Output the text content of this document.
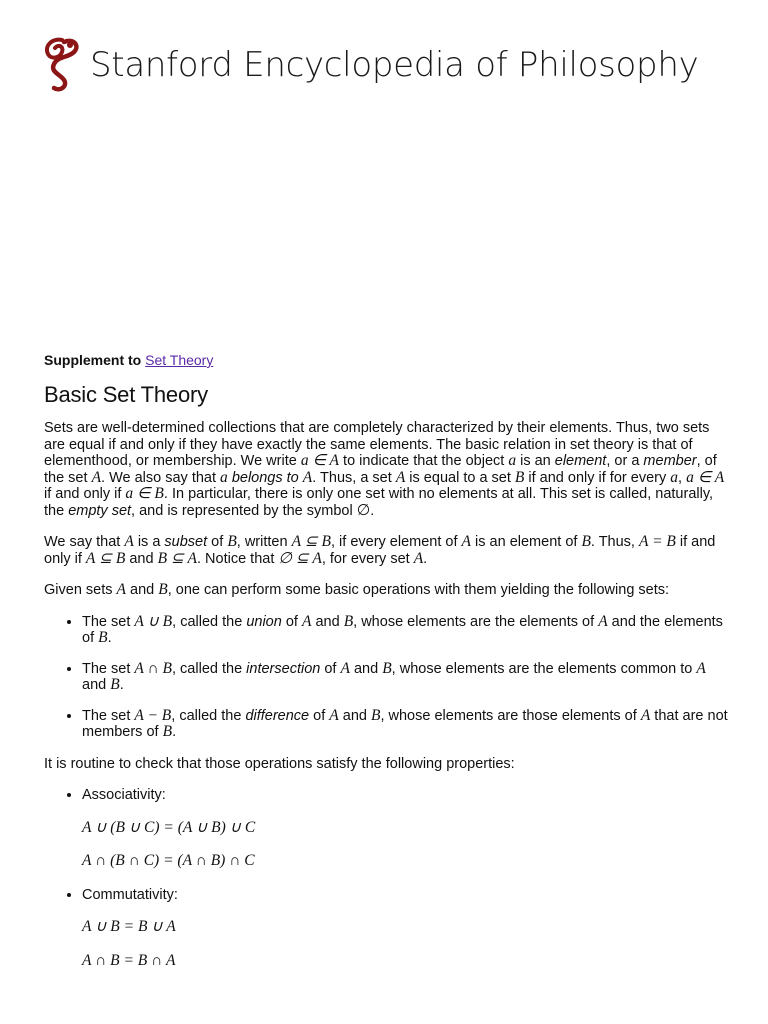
Stanford Encyclopedia of Philosophy
Supplement to Set Theory
Basic Set Theory

Sets are well-determined collections that are completely characterized by their elements. Thus, two sets are equal if and only if they have exactly the same elements. The basic relation in set theory is that of elementhood, or membership. We write a ∈ A to indicate that the object a is an element, or a member, of the set A. We also say that a belongs to A. Thus, a set A is equal to a set B if and only if for every a, a ∈ A if and only if a ∈ B. In particular, there is only one set with no elements at all. This set is called, naturally, the empty set, and is represented by the symbol ∅.

We say that A is a subset of B, written A ⊆ B, if every element of A is an element of B. Thus, A = B if and only if A ⊆ B and B ⊆ A. Notice that ∅ ⊆ A, for every set A.

Given sets A and B, one can perform some basic operations with them yielding the following sets:

• The set A ∪ B, called the union of A and B, whose elements are the elements of A and the elements of B.
• The set A ∩ B, called the intersection of A and B, whose elements are the elements common to A and B.
• The set A − B, called the difference of A and B, whose elements are those elements of A that are not members of B.

It is routine to check that those operations satisfy the following properties:

• Associativity:
A ∪ (B ∪ C) = (A ∪ B) ∪ C
A ∩ (B ∩ C) = (A ∩ B) ∩ C
• Commutativity:
A ∪ B = B ∪ A
A ∩ B = B ∩ A
